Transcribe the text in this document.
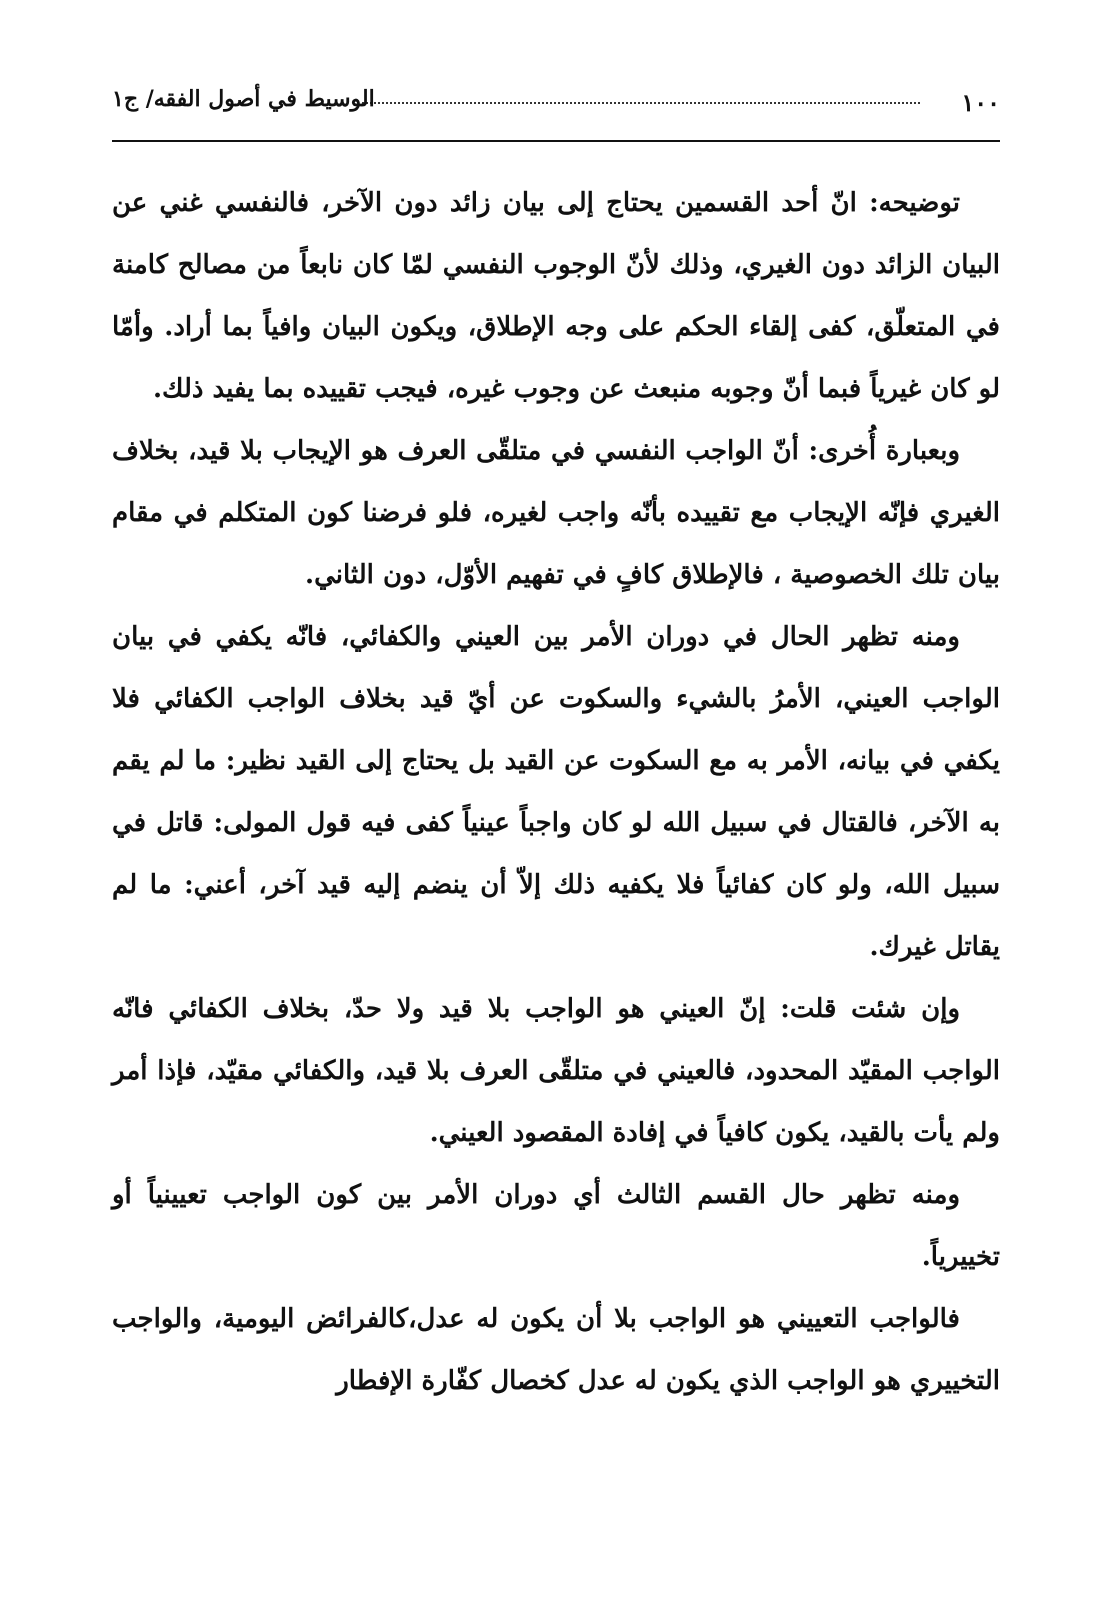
١٠٠
الوسيط في أصول الفقه/ ج١

توضيحه: انّ أحد القسمين يحتاج إلى بيان زائد دون الآخر، فالنفسي غني عن البيان الزائد دون الغيري، وذلك لأنّ الوجوب النفسي لمّا كان نابعاً من مصالح كامنة في المتعلّق، كفى إلقاء الحكم على وجه الإطلاق، ويكون البيان وافياً بما أراد. وأمّا لو كان غيرياً فبما أنّ وجوبه منبعث عن وجوب غيره، فيجب تقييده بما يفيد ذلك.

وبعبارة أُخرى: أنّ الواجب النفسي في متلقّى العرف هو الإيجاب بلا قيد، بخلاف الغيري فإنّه الإيجاب مع تقييده بأنّه واجب لغيره، فلو فرضنا كون المتكلم في مقام بيان تلك الخصوصية ، فالإطلاق كافٍ في تفهيم الأوّل، دون الثاني.

ومنه تظهر الحال في دوران الأمر بين العيني والكفائي، فانّه يكفي في بيان الواجب العيني، الأمرُ بالشيء والسكوت عن أيّ قيد بخلاف الواجب الكفائي فلا يكفي في بيانه، الأمر به مع السكوت عن القيد بل يحتاج إلى القيد نظير: ما لم يقم به الآخر، فالقتال في سبيل الله لو كان واجباً عينياً كفى فيه قول المولى: قاتل في سبيل الله، ولو كان كفائياً فلا يكفيه ذلك إلاّ أن ينضم إليه قيد آخر، أعني: ما لم يقاتل غيرك.

وإن شئت قلت: إنّ العيني هو الواجب بلا قيد ولا حدّ، بخلاف الكفائي فانّه الواجب المقيّد المحدود، فالعيني في متلقّى العرف بلا قيد، والكفائي مقيّد، فإذا أمر ولم يأت بالقيد، يكون كافياً في إفادة المقصود العيني.

ومنه تظهر حال القسم الثالث أي دوران الأمر بين كون الواجب تعيينياً أو تخييرياً.

فالواجب التعييني هو الواجب بلا أن يكون له عدل،كالفرائض اليومية، والواجب التخييري هو الواجب الذي يكون له عدل كخصال كفّارة الإفطار
